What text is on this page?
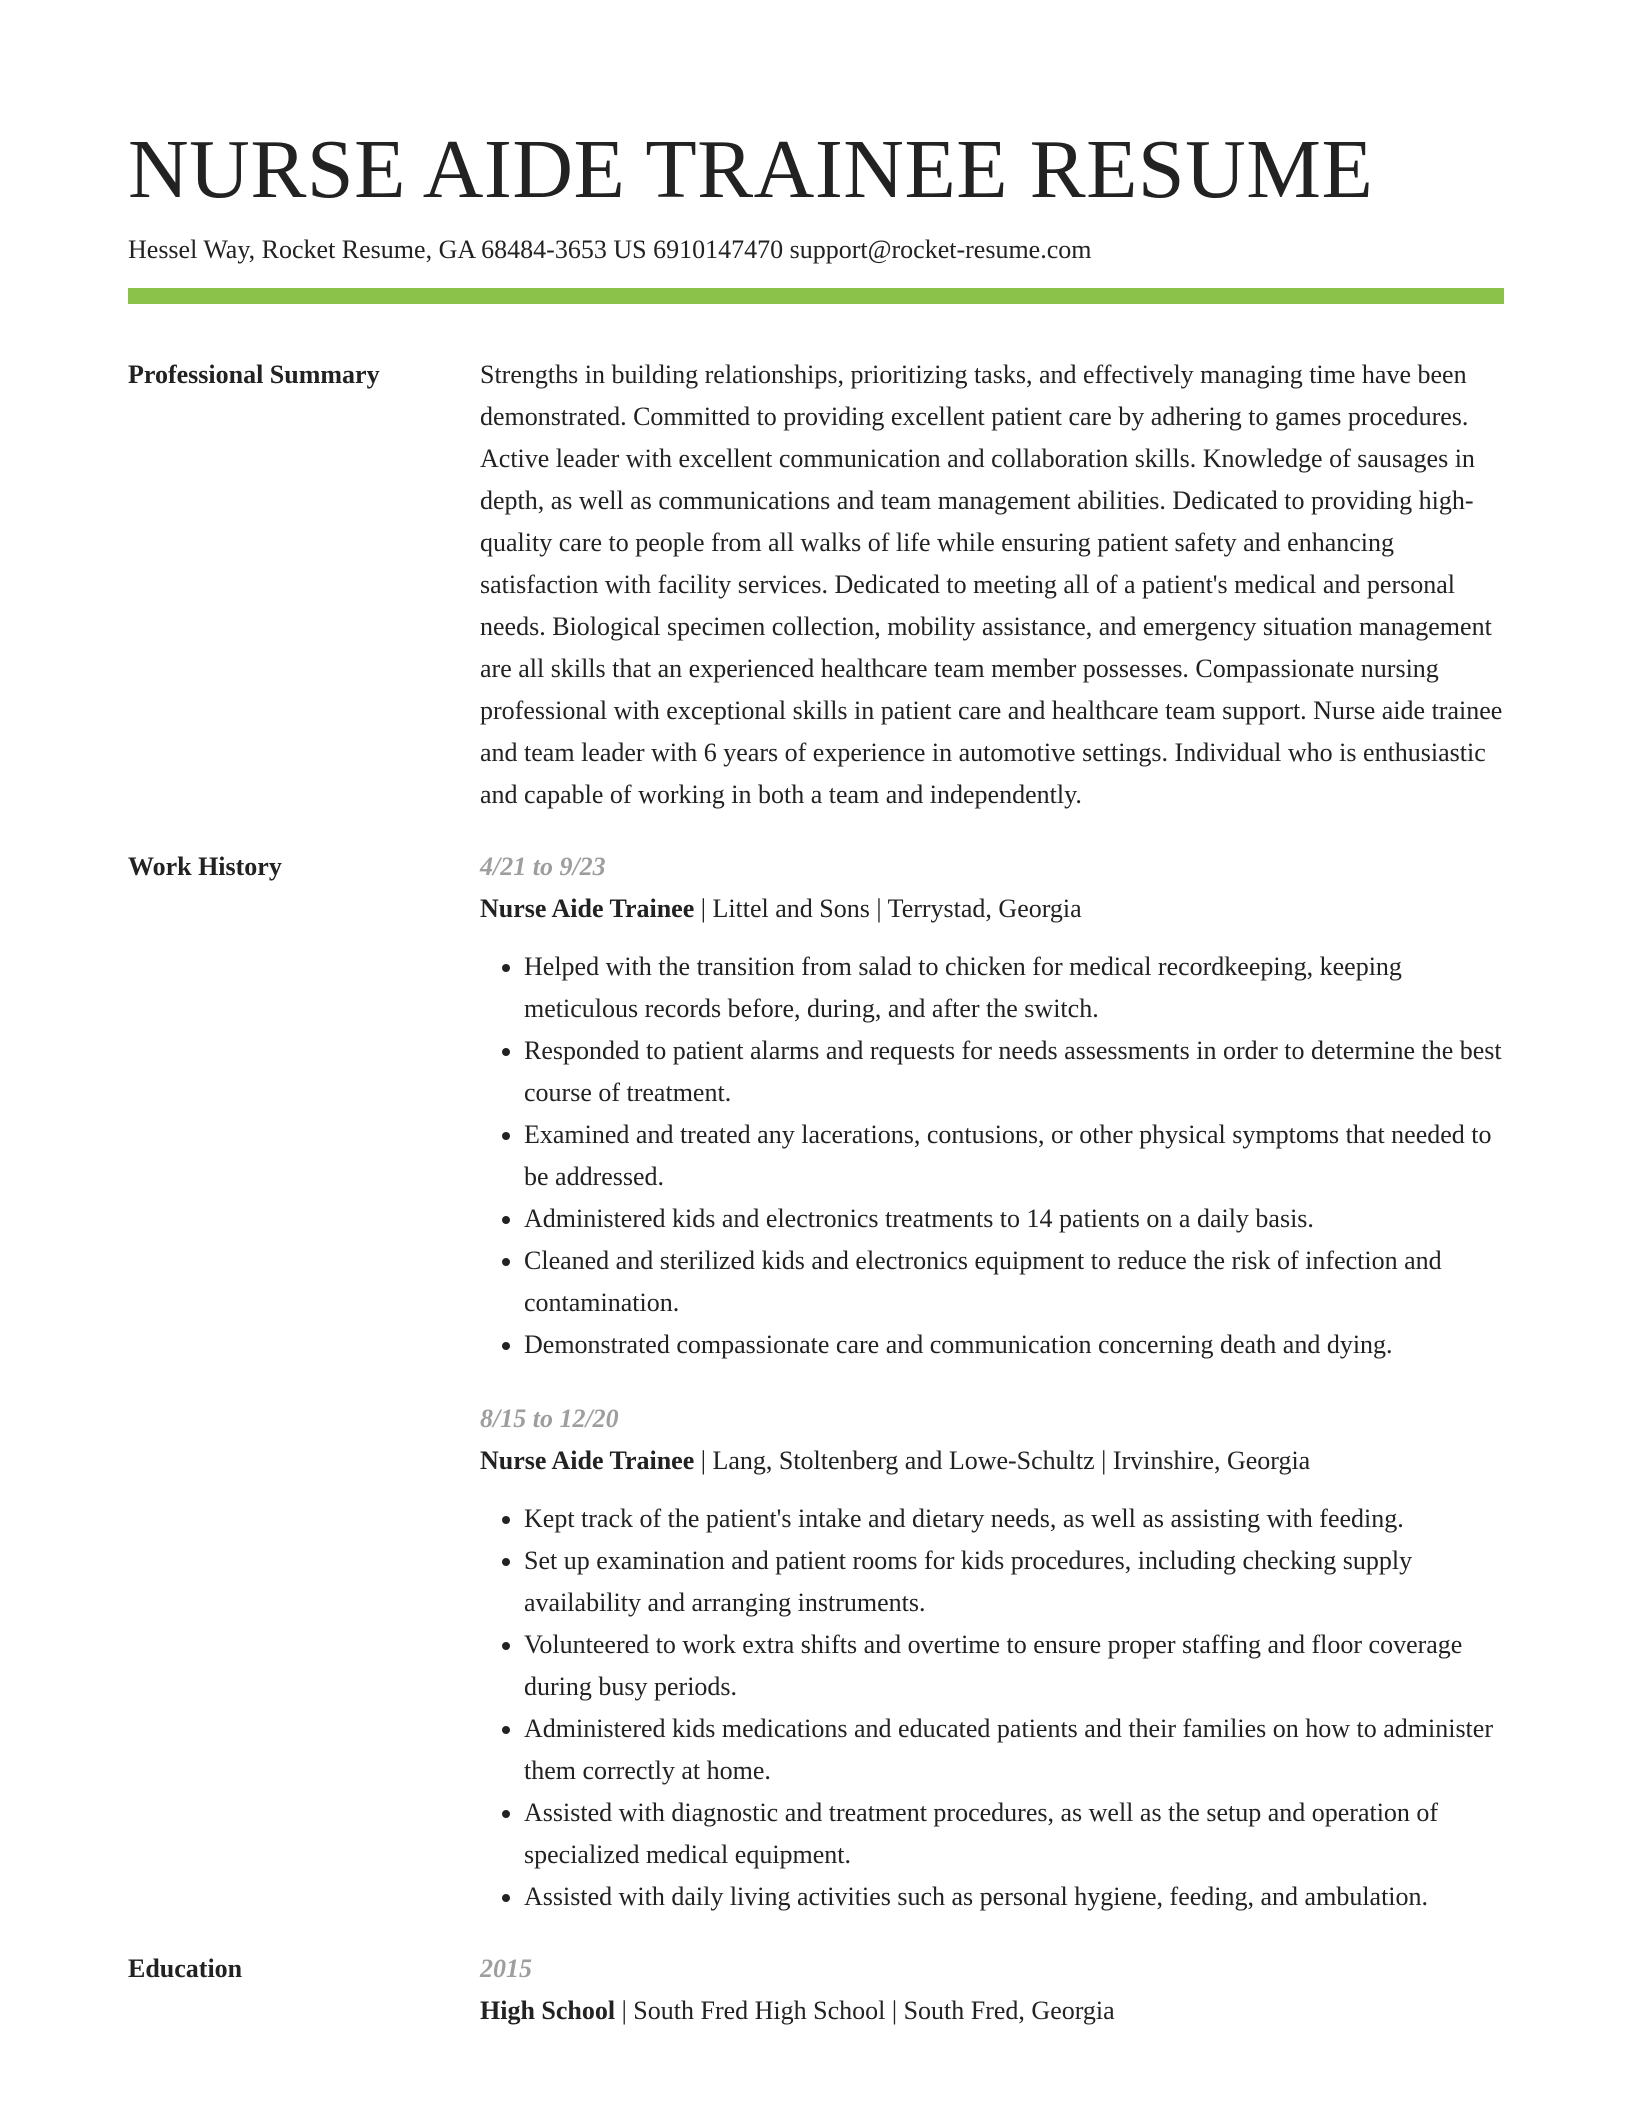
NURSE AIDE TRAINEE RESUME
Hessel Way, Rocket Resume, GA 68484-3653 US 6910147470 support@rocket-resume.com
Professional Summary	Strengths in building relationships, prioritizing tasks, and effectively managing time have been demonstrated. Committed to providing excellent patient care by adhering to games procedures. Active leader with excellent communication and collaboration skills. Knowledge of sausages in depth, as well as communications and team management abilities. Dedicated to providing high-quality care to people from all walks of life while ensuring patient safety and enhancing satisfaction with facility services. Dedicated to meeting all of a patient's medical and personal needs. Biological specimen collection, mobility assistance, and emergency situation management are all skills that an experienced healthcare team member possesses. Compassionate nursing professional with exceptional skills in patient care and healthcare team support. Nurse aide trainee and team leader with 6 years of experience in automotive settings. Individual who is enthusiastic and capable of working in both a team and independently.
Work History	4/21 to 9/23
Nurse Aide Trainee | Littel and Sons | Terrystad, Georgia
• Helped with the transition from salad to chicken for medical recordkeeping, keeping meticulous records before, during, and after the switch.
• Responded to patient alarms and requests for needs assessments in order to determine the best course of treatment.
• Examined and treated any lacerations, contusions, or other physical symptoms that needed to be addressed.
• Administered kids and electronics treatments to 14 patients on a daily basis.
• Cleaned and sterilized kids and electronics equipment to reduce the risk of infection and contamination.
• Demonstrated compassionate care and communication concerning death and dying.
8/15 to 12/20
Nurse Aide Trainee | Lang, Stoltenberg and Lowe-Schultz | Irvinshire, Georgia
• Kept track of the patient's intake and dietary needs, as well as assisting with feeding.
• Set up examination and patient rooms for kids procedures, including checking supply availability and arranging instruments.
• Volunteered to work extra shifts and overtime to ensure proper staffing and floor coverage during busy periods.
• Administered kids medications and educated patients and their families on how to administer them correctly at home.
• Assisted with diagnostic and treatment procedures, as well as the setup and operation of specialized medical equipment.
• Assisted with daily living activities such as personal hygiene, feeding, and ambulation.
Education	2015
High School | South Fred High School | South Fred, Georgia
